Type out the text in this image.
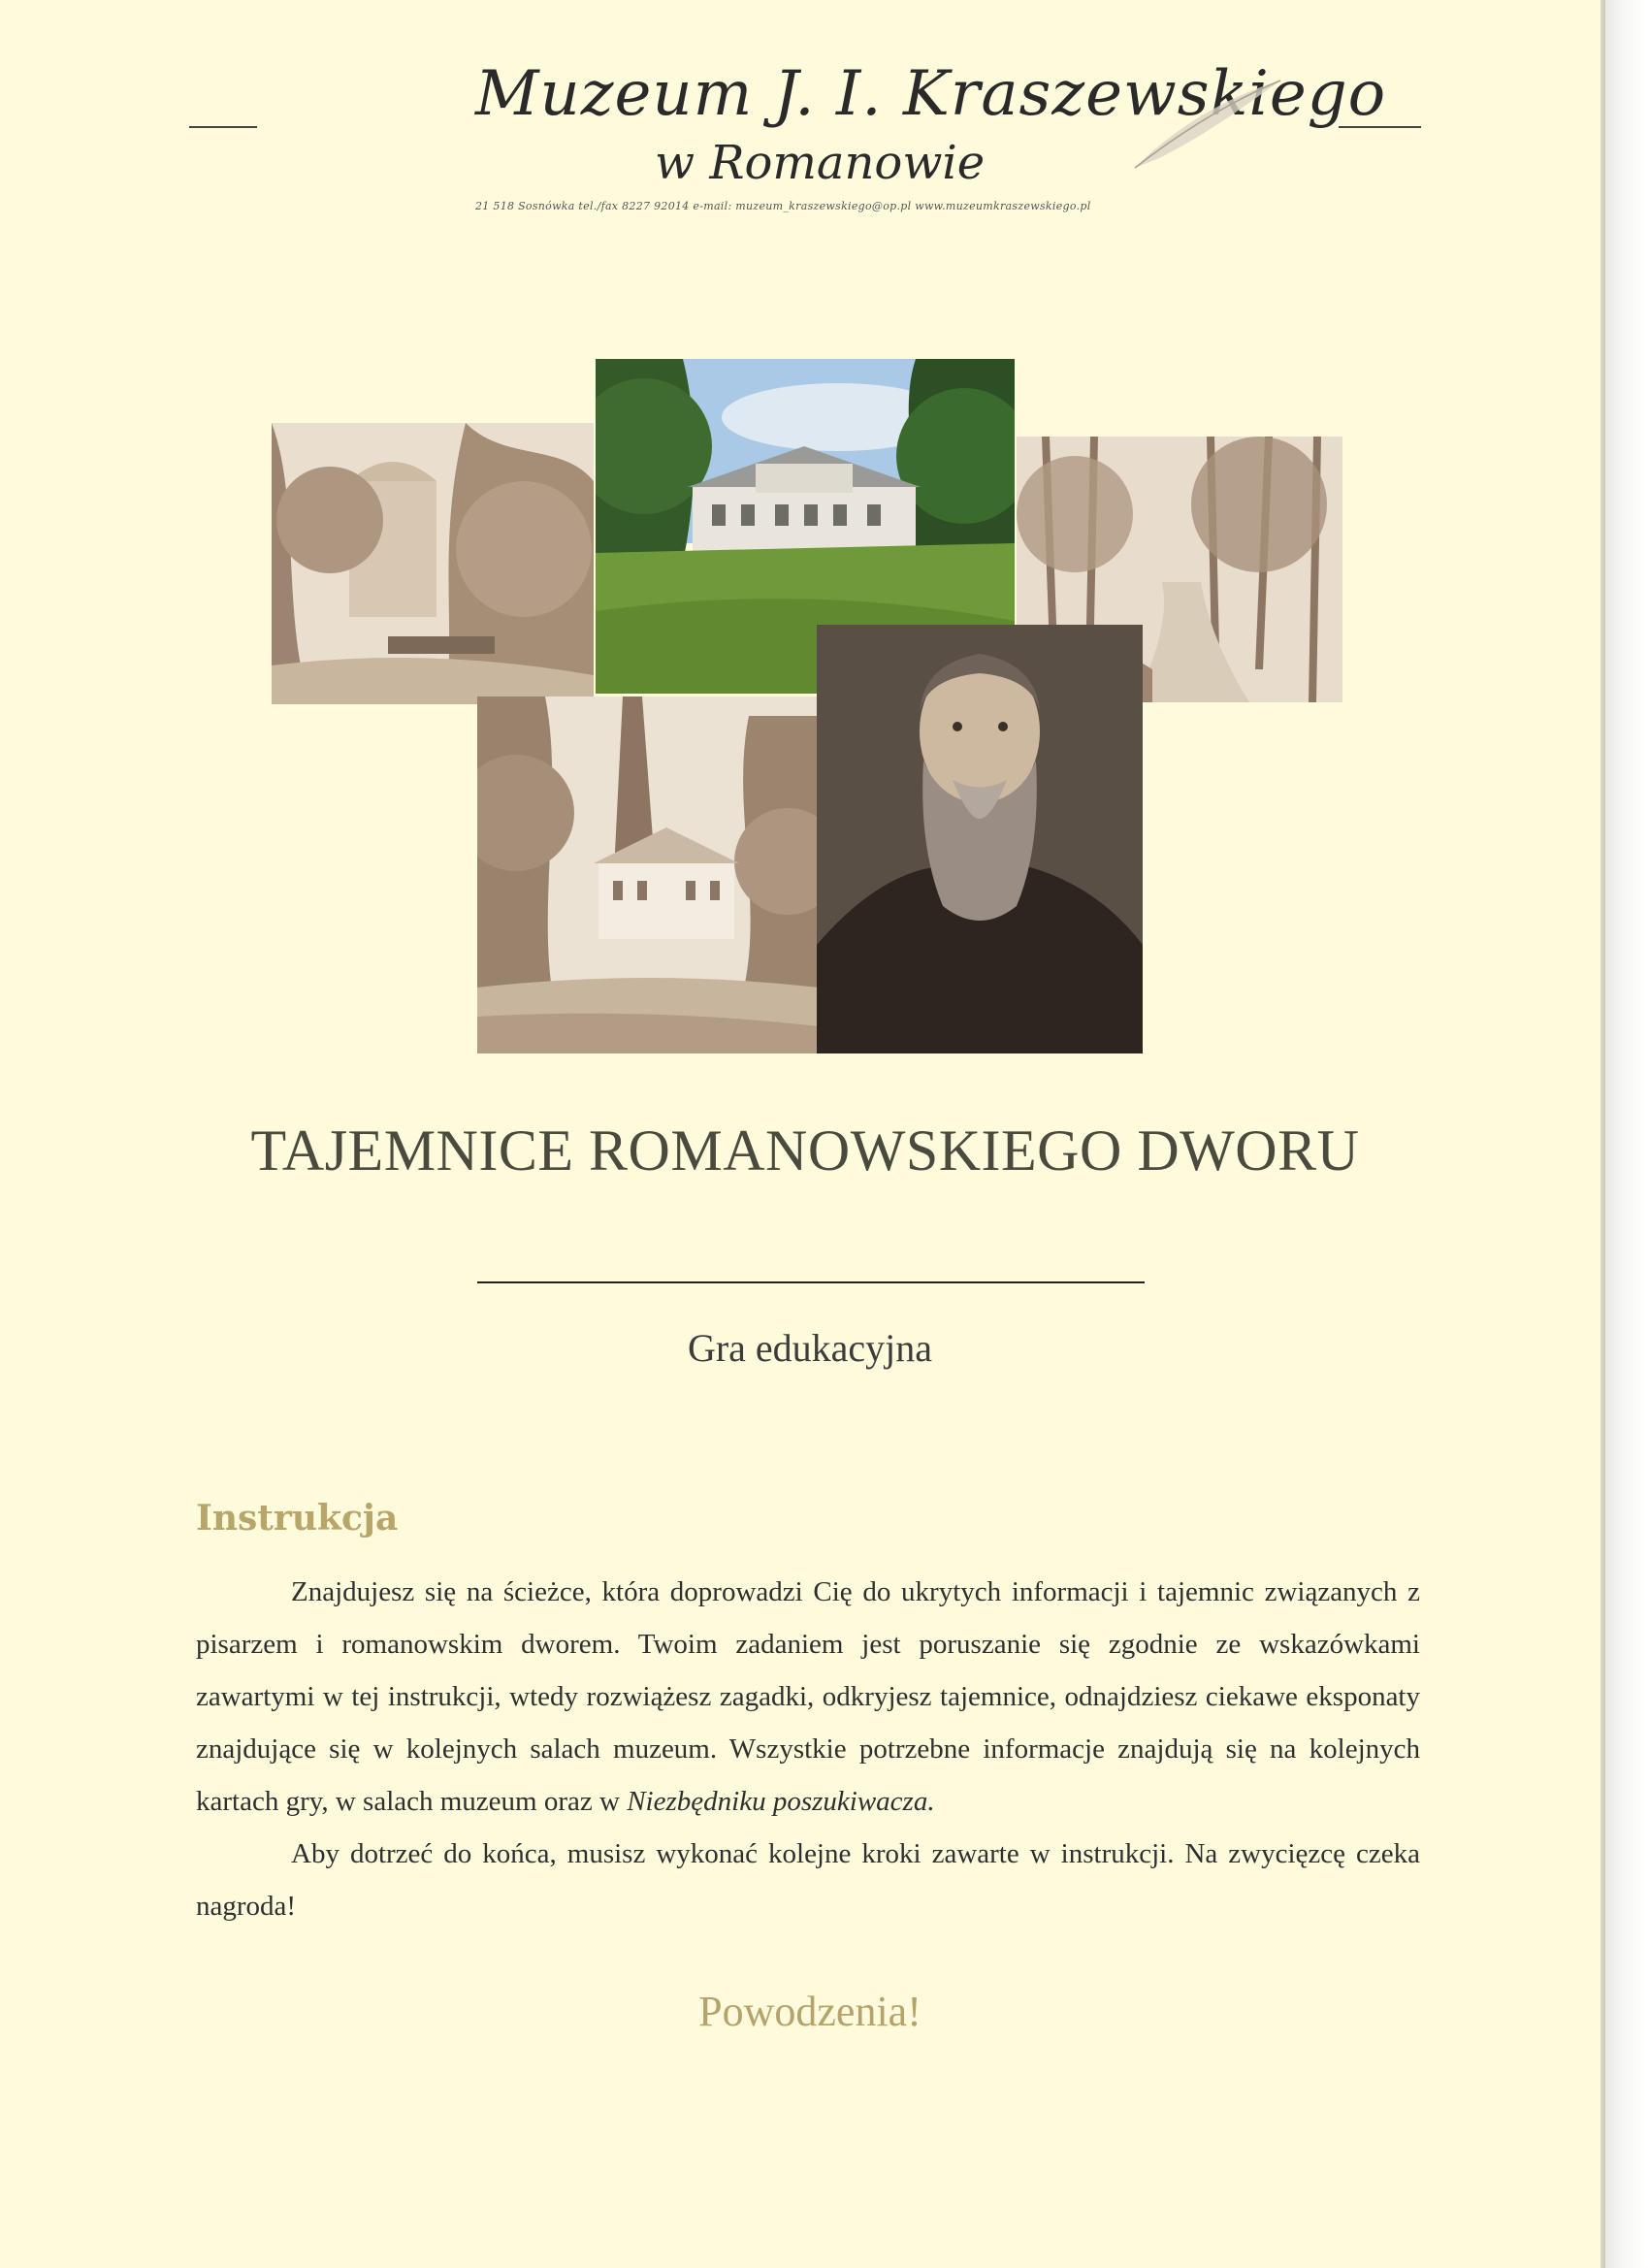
Muzeum J. I. Kraszewskiego
w Romanowie
21 518 Sosnówka tel./fax 8227 92014 e-mail: muzeum_kraszewskiego@op.pl www.muzeumkraszewskiego.pl
TAJEMNICE ROMANOWSKIEGO DWORU
Gra edukacyjna
Instrukcja

Znajdujesz się na ścieżce, która doprowadzi Cię do ukrytych informacji i tajemnic związanych z pisarzem i romanowskim dworem. Twoim zadaniem jest poruszanie się zgodnie ze wskazówkami zawartymi w tej instrukcji, wtedy rozwiążesz zagadki, odkryjesz tajemnice, odnajdziesz ciekawe eksponaty znajdujące się w kolejnych salach muzeum. Wszystkie potrzebne informacje znajdują się na kolejnych kartach gry, w salach muzeum oraz w Niezbędniku poszukiwacza.

Aby dotrzeć do końca, musisz wykonać kolejne kroki zawarte w instrukcji. Na zwycięzcę czeka nagroda!

Powodzenia!
